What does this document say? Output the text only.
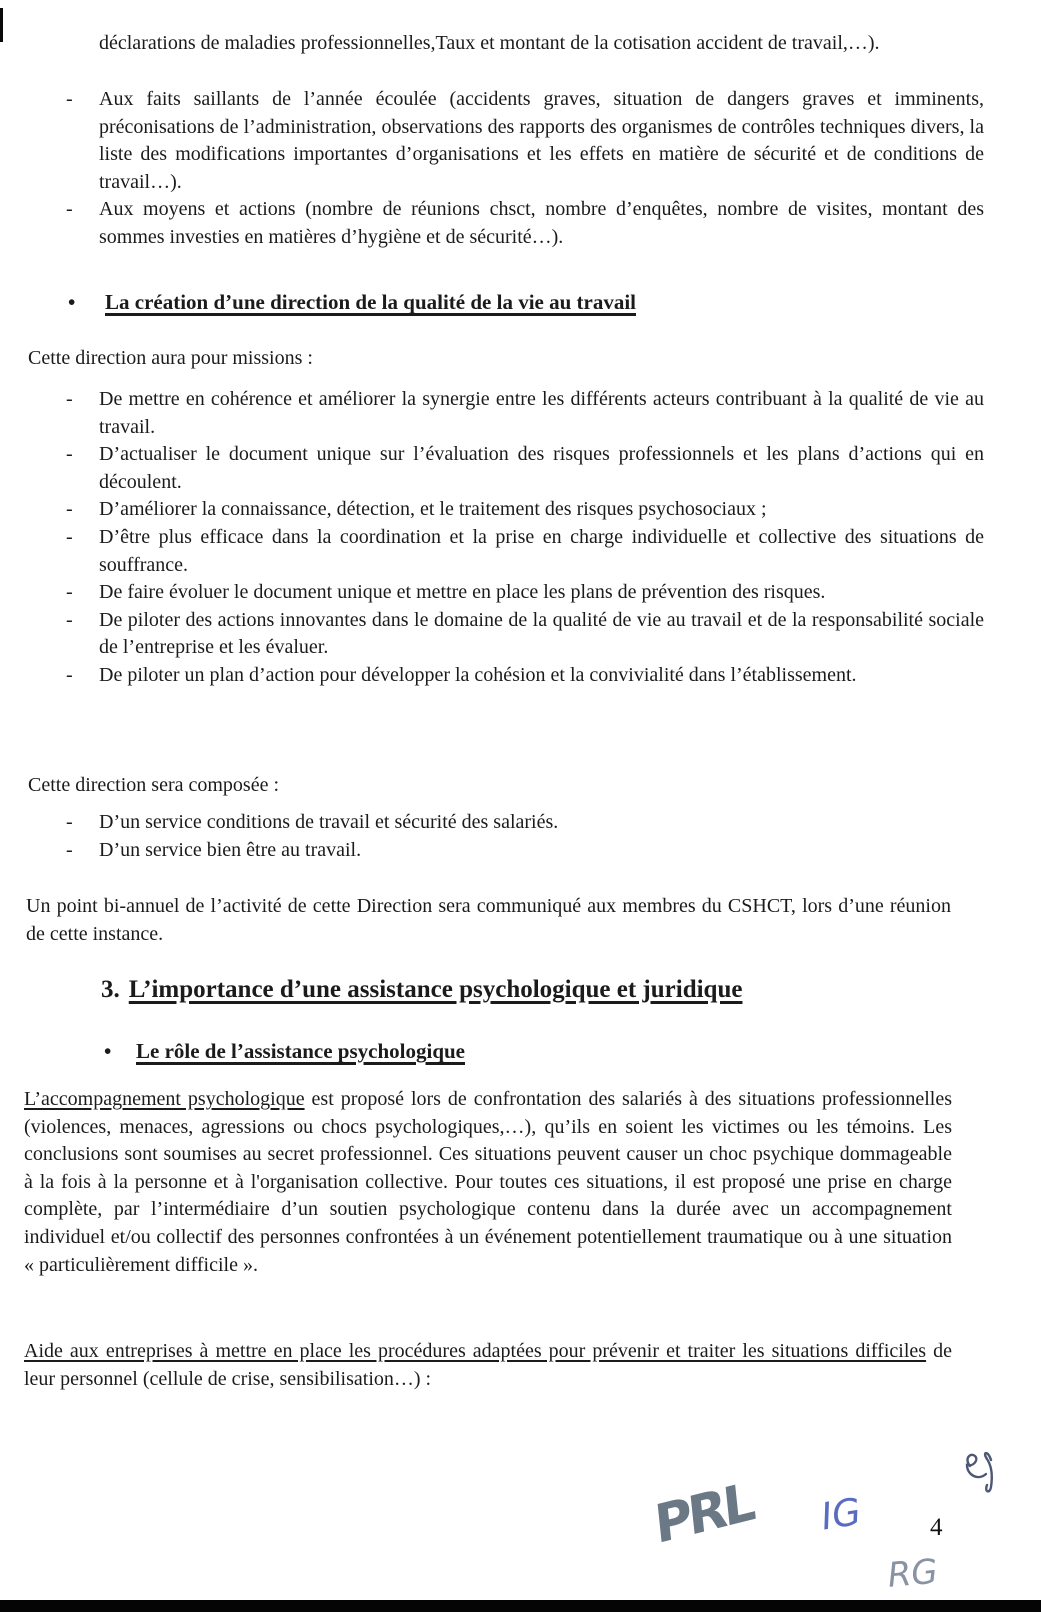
déclarations de maladies professionnelles,Taux et montant de la cotisation accident de travail,…).

- Aux faits saillants de l’année écoulée (accidents graves, situation de dangers graves et imminents, préconisations de l’administration, observations des rapports des organismes de contrôles techniques divers, la liste des modifications importantes d’organisations et les effets en matière de sécurité et de conditions de travail…).
- Aux moyens et actions (nombre de réunions chsct, nombre d’enquêtes, nombre de visites, montant des sommes investies en matières d’hygiène et de sécurité…).
• La création d’une direction de la qualité de la vie au travail

Cette direction aura pour missions :

- De mettre en cohérence et améliorer la synergie entre les différents acteurs contribuant à la qualité de vie au travail.
- D’actualiser le document unique sur l’évaluation des risques professionnels et les plans d’actions qui en découlent.
- D’améliorer la connaissance, détection, et le traitement des risques psychosociaux ;
- D’être plus efficace dans la coordination et la prise en charge individuelle et collective des situations de souffrance.
- De faire évoluer le document unique et mettre en place les plans de prévention des risques.
- De piloter des actions innovantes dans le domaine de la qualité de vie au travail et de la responsabilité sociale de l’entreprise et les évaluer.
- De piloter un plan d’action pour développer la cohésion et la convivialité dans l’établissement.

Cette direction sera composée :

- D’un service conditions de travail et sécurité des salariés.
- D’un service bien être au travail.

Un point bi-annuel de l’activité de cette Direction sera communiqué aux membres du CSHCT, lors d’une réunion de cette instance.

3. L’importance d’une assistance psychologique et juridique
• Le rôle de l’assistance psychologique

L’accompagnement psychologique est proposé lors de confrontation des salariés à des situations professionnelles (violences, menaces, agressions ou chocs psychologiques,…), qu’ils en soient les victimes ou les témoins. Les conclusions sont soumises au secret professionnel. Ces situations peuvent causer un choc psychique dommageable à la fois à la personne et à l'organisation collective. Pour toutes ces situations, il est proposé une prise en charge complète, par l’intermédiaire d’un soutien psychologique contenu dans la durée avec un accompagnement individuel et/ou collectif des personnes confrontées à un événement potentiellement traumatique ou à une situation « particulièrement difficile ».

Aide aux entreprises à mettre en place les procédures adaptées pour prévenir et traiter les situations difficiles de leur personnel (cellule de crise, sensibilisation…) :

PRL IG
RG
4
